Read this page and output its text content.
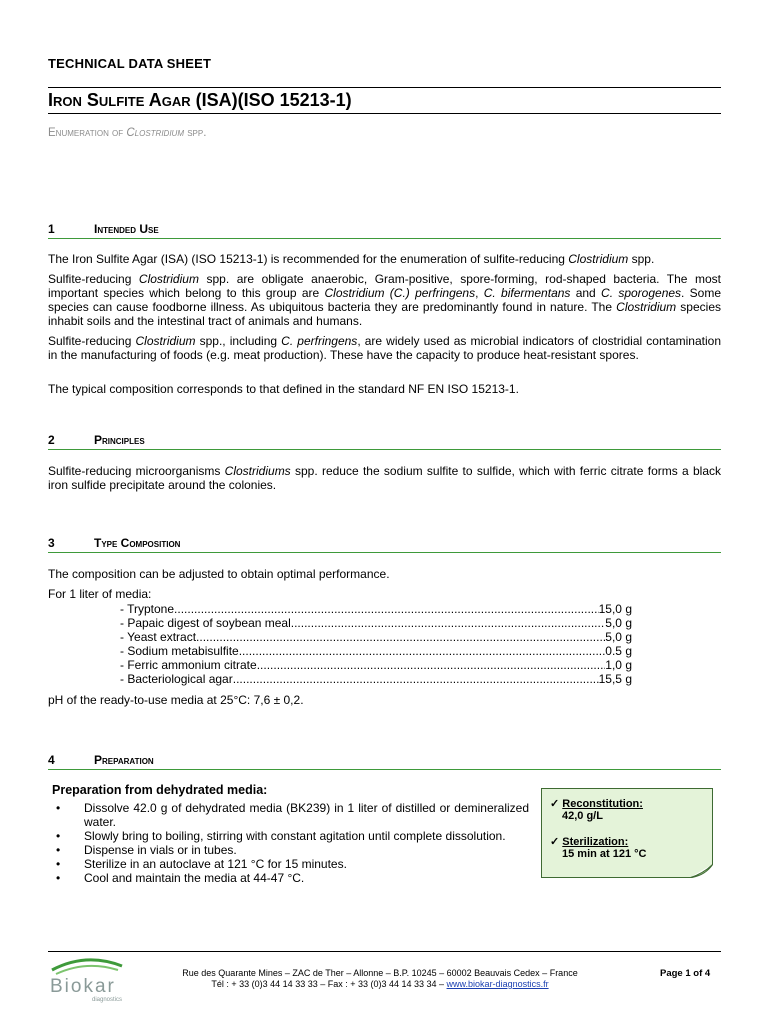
TECHNICAL DATA SHEET
Iron Sulfite Agar (ISA)(ISO 15213-1)
Enumeration of Clostridium spp.
1	Intended Use
The Iron Sulfite Agar (ISA) (ISO 15213-1) is recommended for the enumeration of sulfite-reducing Clostridium spp.
Sulfite-reducing Clostridium spp. are obligate anaerobic, Gram-positive, spore-forming, rod-shaped bacteria. The most important species which belong to this group are Clostridium (C.) perfringens, C. bifermentans and C. sporogenes. Some species can cause foodborne illness. As ubiquitous bacteria they are predominantly found in nature. The Clostridium species inhabit soils and the intestinal tract of animals and humans.
Sulfite-reducing Clostridium spp., including C. perfringens, are widely used as microbial indicators of clostridial contamination in the manufacturing of foods (e.g. meat production). These have the capacity to produce heat-resistant spores.
The typical composition corresponds to that defined in the standard NF EN ISO 15213-1.
2	Principles
Sulfite-reducing microorganisms Clostridiums spp. reduce the sodium sulfite to sulfide, which with ferric citrate forms a black iron sulfide precipitate around the colonies.
3	Type Composition
The composition can be adjusted to obtain optimal performance.
For 1 liter of media:
- Tryptone .....	15,0 g
- Papaic digest of soybean meal .....	5,0 g
- Yeast extract .....	5,0 g
- Sodium metabisulfite .....	0.5 g
- Ferric ammonium citrate .....	1,0 g
- Bacteriological agar .....	15,5 g
pH of the ready-to-use media at 25°C: 7,6 ± 0,2.
4	Preparation
Preparation from dehydrated media:
• Dissolve 42.0 g of dehydrated media (BK239) in 1 liter of distilled or demineralized water.
• Slowly bring to boiling, stirring with constant agitation until complete dissolution.
• Dispense in vials or in tubes.
• Sterilize in an autoclave at 121 °C for 15 minutes.
• Cool and maintain the media at 44-47 °C.
✓ Reconstitution:
42,0 g/L
✓ Sterilization:
15 min at 121 °C
Biokar
diagnostics
Rue des Quarante Mines – ZAC de Ther – Allonne – B.P. 10245 – 60002 Beauvais Cedex – France
Tél : + 33 (0)3 44 14 33 33 – Fax : + 33 (0)3 44 14 33 34 – www.biokar-diagnostics.fr
Page 1 of 4
